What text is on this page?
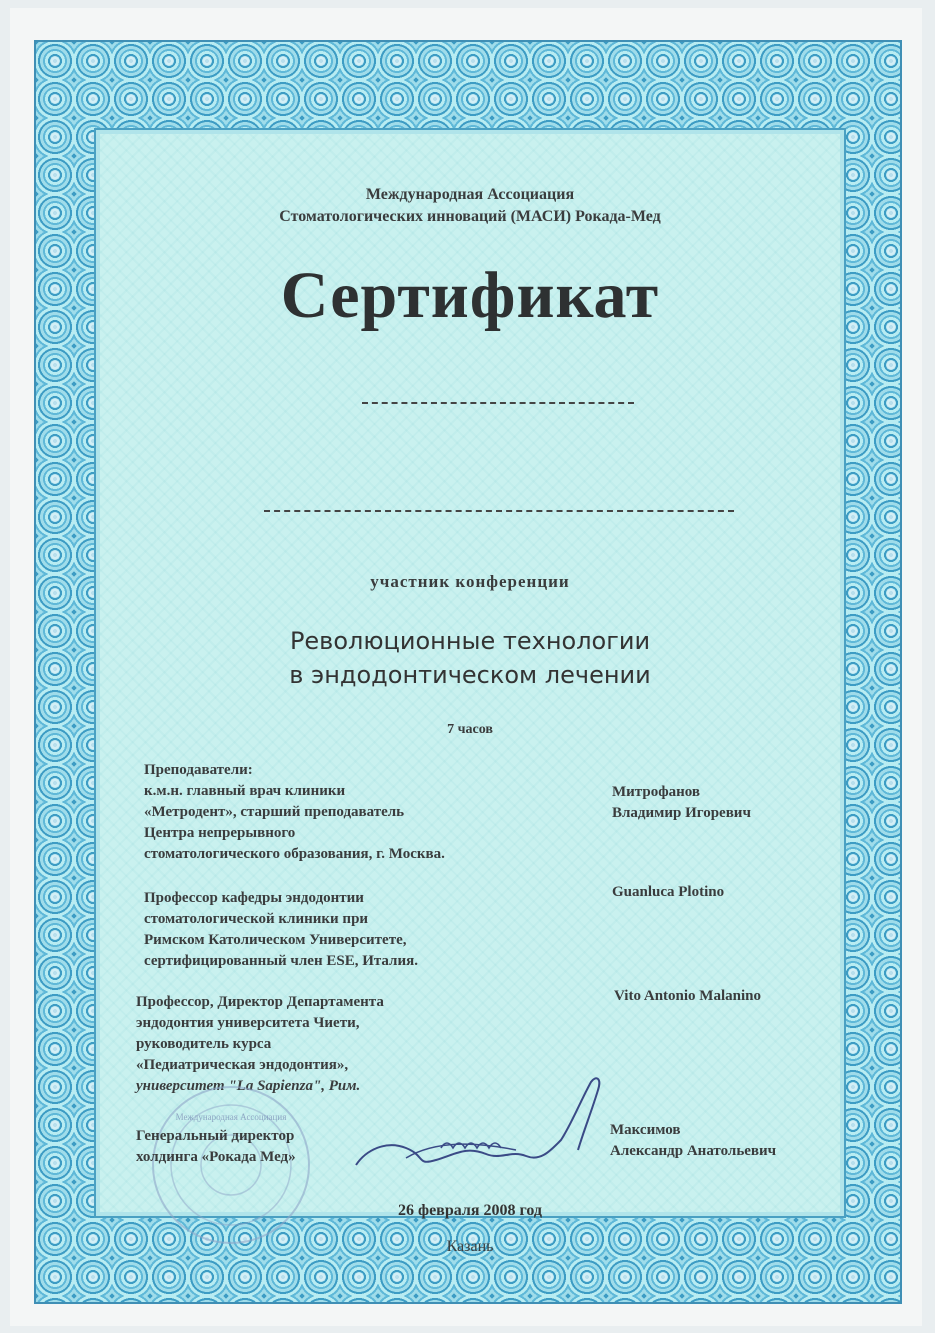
Международная Ассоциация
Стоматологических инноваций (МАСИ) Рокада-Мед
Сертификат
участник конференции
Революционные технологии
в эндодонтическом лечении
7 часов
Преподаватели:
к.м.н. главный врач клиники
«Метродент», старший преподаватель
Центра непрерывного
стоматологического образования, г. Москва.
Митрофанов
Владимир Игоревич
Профессор кафедры эндодонтии
стоматологической клиники при
Римском Католическом Университете,
сертифицированный член ESE, Италия.
Guanluca Plotino
Профессор, Директор Департамента
эндодонтия университета Чиети,
руководитель курса
«Педиатрическая эндодонтия»,
университет "La Sapienza", Рим.
Vito Antonio Malanino
Международная Ассоциация
Генеральный директор
холдинга «Рокада Мед»
Максимов
Александр Анатольевич
26 февраля 2008 год
Казань
